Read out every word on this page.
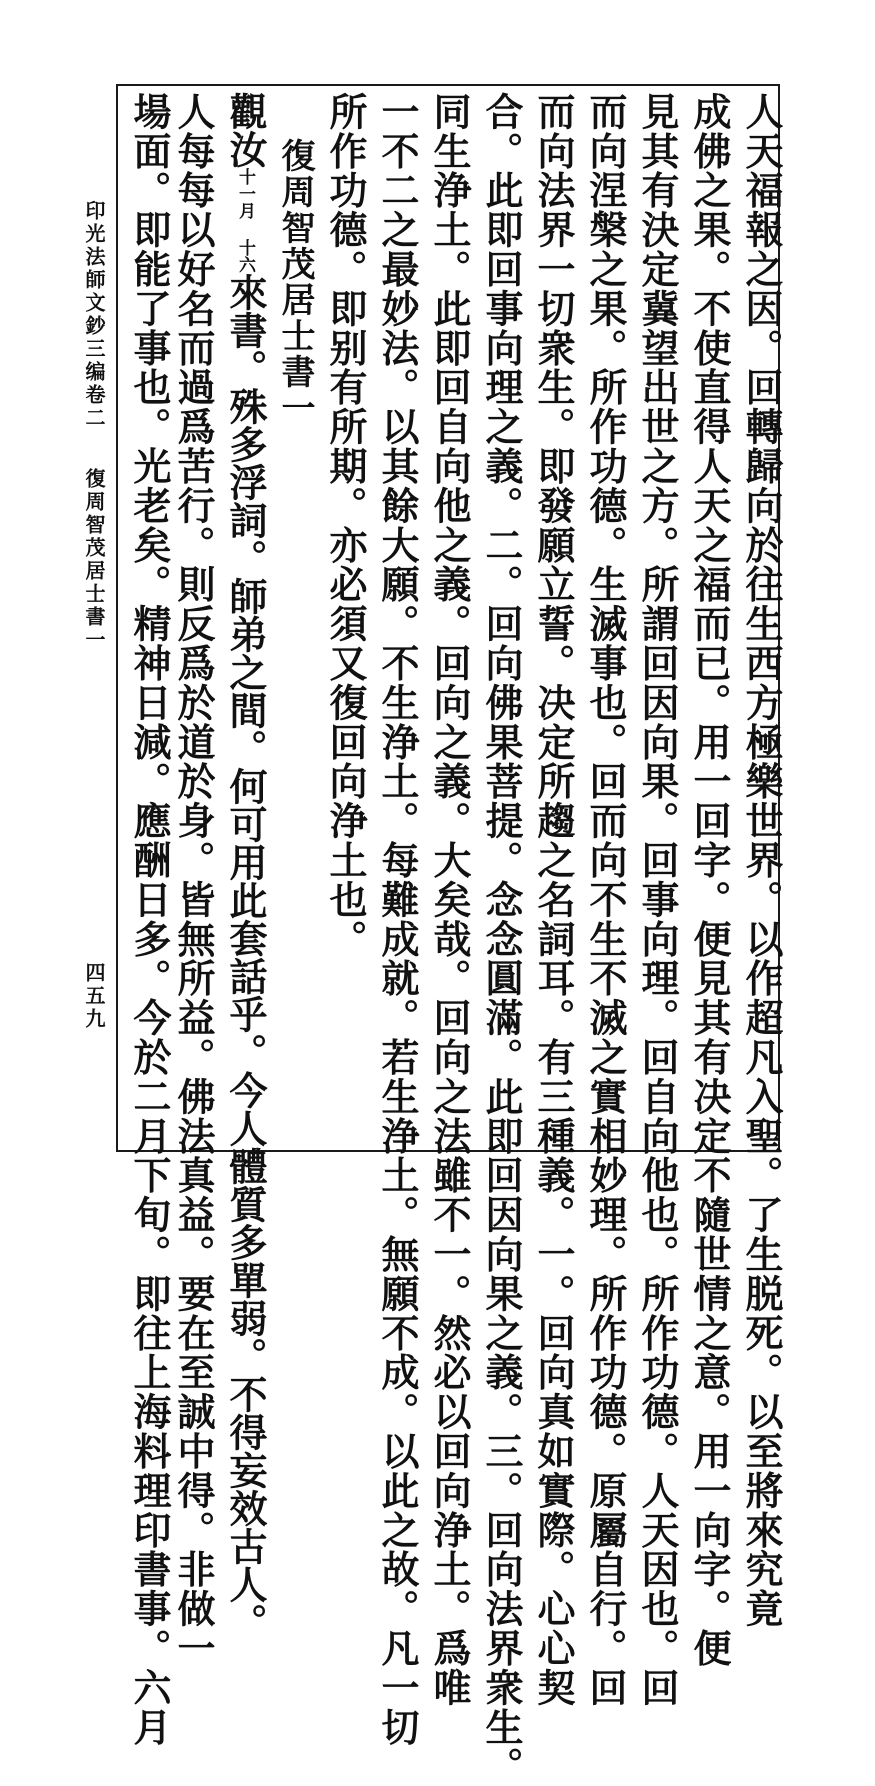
印光法師文鈔三编卷二
復周智茂居士書一
四五九	人天福報之因。回轉歸向於往生西方極樂世界。以作超凡入聖。了生脱死。以至將來究竟
成佛之果。不使直得人天之福而已。用一回字。便見其有决定不隨世情之意。用一向字。便
見其有決定冀望出世之方。所謂回因向果。回事向理。回自向他也。所作功德。人天因也。回
而向涅槃之果。所作功德。生滅事也。回而向不生不滅之實相妙理。所作功德。原屬自行。回
而向法界一切衆生。即發願立誓。决定所趨之名詞耳。有三種義。一。回向真如實際。心心契
合。此即回事向理之義。二。回向佛果菩提。念念圓滿。此即回因向果之義。三。回向法界衆生。
同生浄土。此即回自向他之義。回向之義。大矣哉。回向之法雖不一。然必以回向浄土。爲唯
一不二之最妙法。以其餘大願。不生浄土。每難成就。若生浄土。無願不成。以此之故。凡一切
所作功德。即别有所期。亦必須又復回向浄土也。
復周智茂居士書一
觀汝十一月 十六來書。殊多浮詞。師弟之間。何可用此套話乎。今人體質多單弱。不得妄效古人。
人每每以好名而過爲苦行。則反爲於道於身。皆無所益。佛法真益。要在至誠中得。非做一
場面。即能了事也。光老矣。精神日減。應酬日多。今於二月下旬。即往上海料理印書事。六月
